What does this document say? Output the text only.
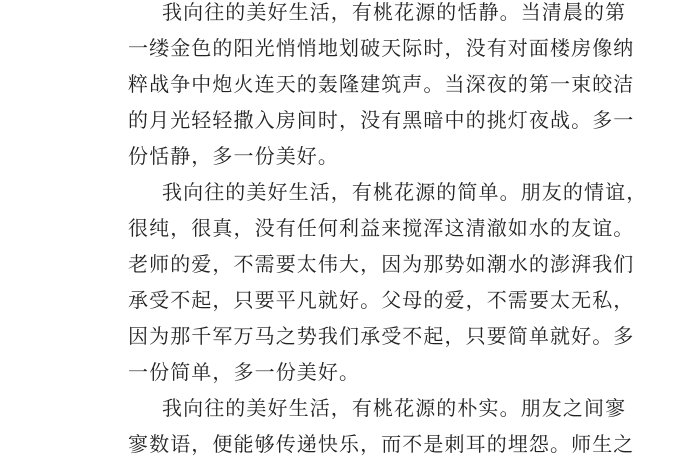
我向往的美好生活，有桃花源的恬静。当清晨的第
一缕金色的阳光悄悄地划破天际时，没有对面楼房像纳
粹战争中炮火连天的轰隆建筑声。当深夜的第一束皎洁
的月光轻轻撒入房间时，没有黑暗中的挑灯夜战。多一
份恬静，多一份美好。
我向往的美好生活，有桃花源的简单。朋友的情谊，
很纯，很真，没有任何利益来搅浑这清澈如水的友谊。
老师的爱，不需要太伟大，因为那势如潮水的澎湃我们
承受不起，只要平凡就好。父母的爱，不需要太无私，
因为那千军万马之势我们承受不起，只要简单就好。多
一份简单，多一份美好。
我向往的美好生活，有桃花源的朴实。朋友之间寥
寥数语，便能够传递快乐，而不是刺耳的埋怨。师生之
